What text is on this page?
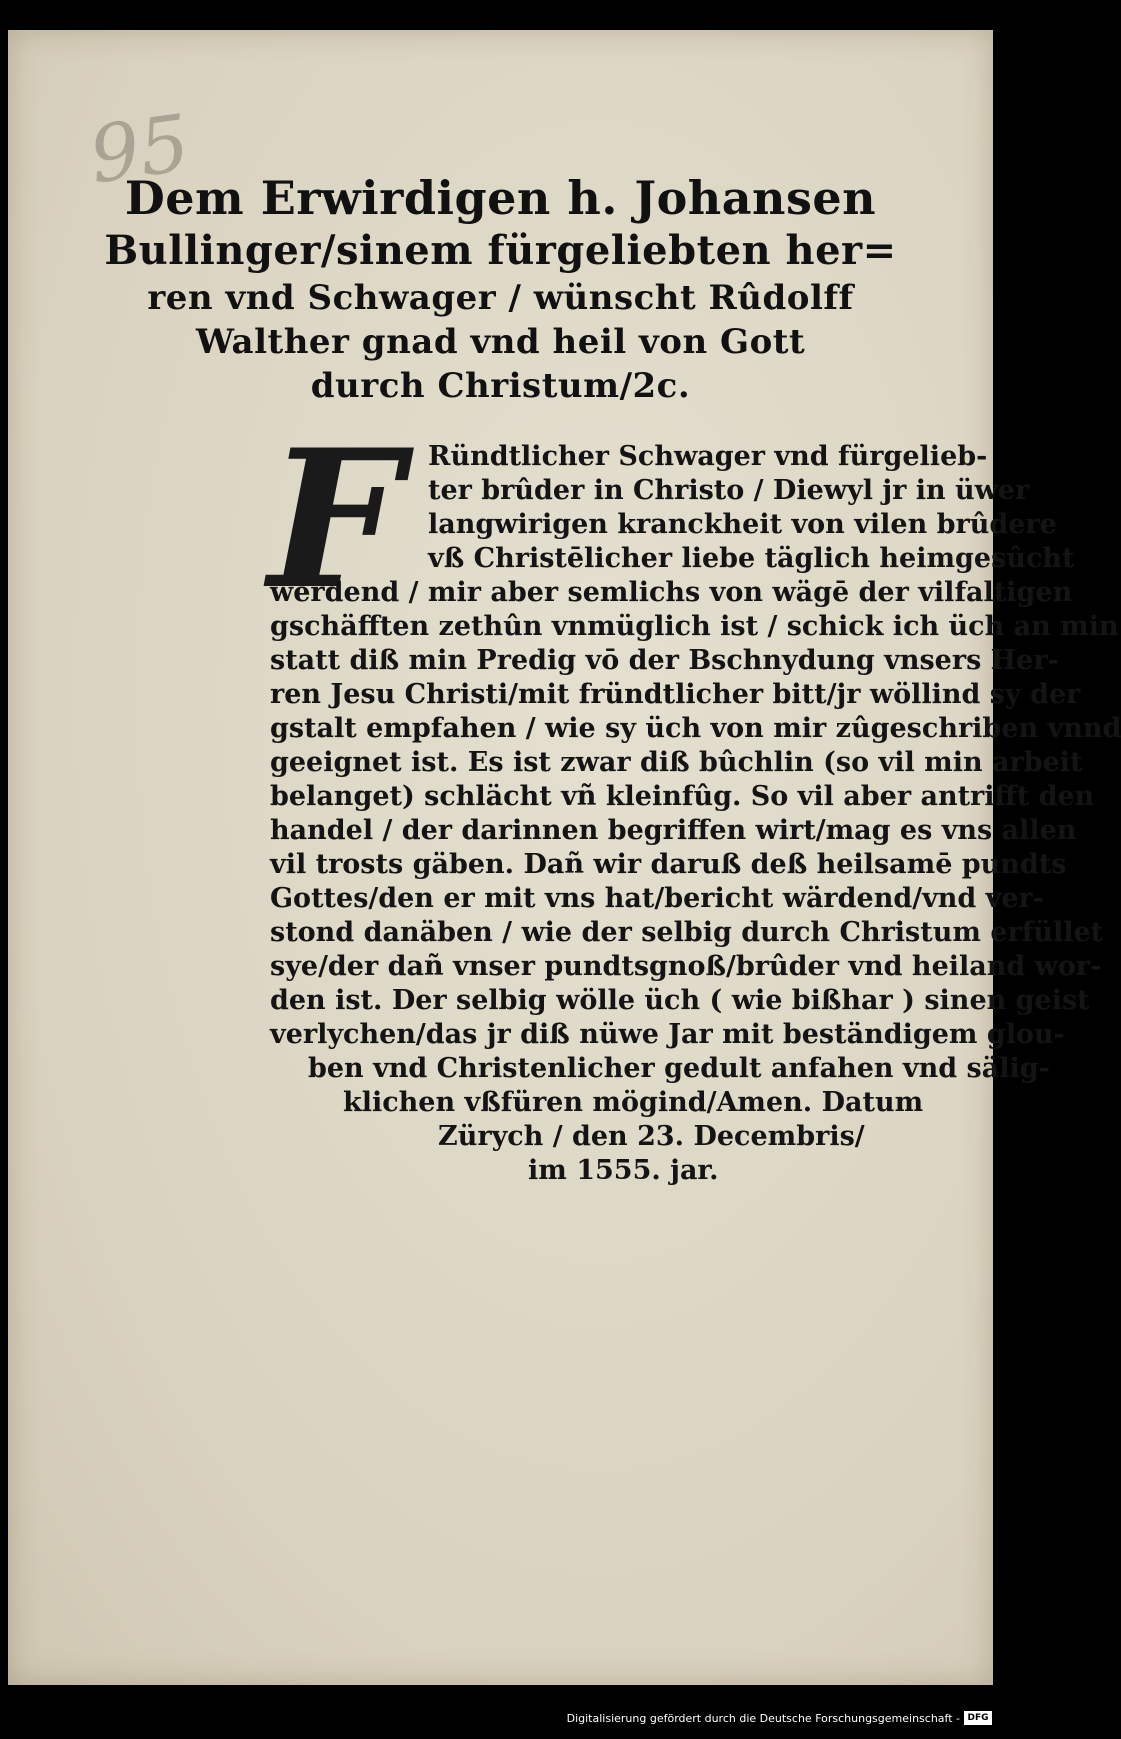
95
Dem Erwirdigen h. Johansen
Bullinger/sinem fürgeliebten her=
ren vnd Schwager / wünscht Rûdolff
Walther gnad vnd heil von Gott
durch Christum/2c.
F Ründtlicher Schwager vnd fürgelieb-
ter brûder in Christo / Diewyl jr in üwer
langwirigen kranckheit von vilen brûdere
vß Christēlicher liebe täglich heimgesûcht
werdend / mir aber semlichs von wägē der vilfaltigen
gschäfften zethûn vnmüglich ist / schick ich üch an min
statt diß min Predig vō der Bschnydung vnsers Her-
ren Jesu Christi/mit fründtlicher bitt/jr wöllind sy der
gstalt empfahen / wie sy üch von mir zûgeschriben vnnd
geeignet ist. Es ist zwar diß bûchlin (so vil min arbeit
belanget) schlächt vñ kleinfûg. So vil aber antrifft den
handel / der darinnen begriffen wirt/mag es vns allen
vil trosts gäben. Dañ wir daruß deß heilsamē pundts
Gottes/den er mit vns hat/bericht wärdend/vnd ver-
stond danäben / wie der selbig durch Christum erfüllet
sye/der dañ vnser pundtsgnoß/brûder vnd heiland wor-
den ist. Der selbig wölle üch ( wie bißhar ) sinen geist
verlychen/das jr diß nüwe Jar mit beständigem glou-
ben vnd Christenlicher gedult anfahen vnd sälig-
klichen vßfüren mögind/Amen. Datum
Zürych / den 23. Decembris/
im 1555. jar.
Digitalisierung gefördert durch die Deutsche Forschungsgemeinschaft - DFG
